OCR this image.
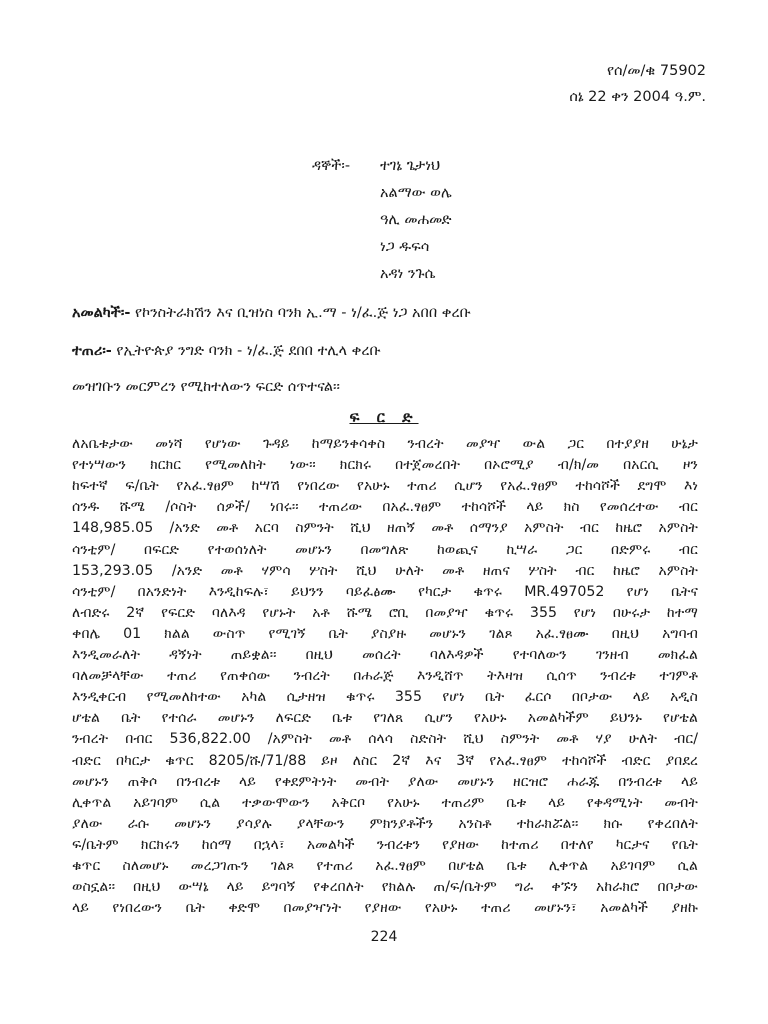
የሰ/መ/ቁ 75902
ሰኔ 22 ቀን 2004 ዓ.ም.
ዳኞች፡- ተገኔ ጌታነህ
አልማው ወሌ
ዓሊ መሐመድ
ነጋ ዱፍሳ
አዳነ ንጉሴ
አመልካች፡- የኮንስትራክሽን እና ቢዝነስ ባንክ ኢ.ማ - ነ/ፈ.ጅ ነጋ አበበ ቀረቡ
ተጠሪ፡- የኢትዮጵያ ንግድ ባንክ - ነ/ፈ.ጅ ደበበ ተሊላ ቀረቡ
መዝገቡን መርምረን የሚከተለውን ፍርድ ሰጥተናል፡፡
ፍ ር ድ
ለአቤቱታው መነሻ የሆነው ጉዳይ ከማይንቀሳቀስ ንብረት መያዣ ውል ጋር በተያያዘ ሁኔታ
የተነሣውን ክርክር የሚመለከት ነው፡፡ ክርክሩ በተጀመረበት በኦሮሚያ ብ/ክ/መ በአርሲ ዞን
ከፍተኛ ፍ/ቤት የአፈ.ፃፀም ከሣሽ የነበረው የአሁኑ ተጠሪ ሲሆን የአፈ.ፃፀም ተከሳሾች ደግሞ እነ
ሰንዱ ሹሜ /ሶስት ሰዎች/ ነበሩ፡፡ ተጠሪው በአፈ.ፃፀም ተከሳሾች ላይ ክስ የመሰረተው ብር
148,985.05 /አንድ መቶ አርባ ስምንት ሺህ ዘጠኝ መቶ ሰማንያ አምስት ብር ከዜሮ አምስት
ሳንቲም/ በፍርድ የተወሰነለት መሆኑን በመግለጽ ከወጪና ኪሣራ ጋር በድምሩ ብር
153,293.05 /አንድ መቶ ሃምሳ ሦስት ሺህ ሁለት መቶ ዘጠና ሦስት ብር ከዜሮ አምስት
ሳንቲም/ በአንድነት እንዲከፍሉ፣ ይህንን ባይፈፅሙ የካርታ ቁጥሩ MR.497052 የሆነ ቤትና
ለብድሩ 2ኛ የፍርድ ባለእዳ የሆኑት አቶ ሹሜ ሮቢ በመያዣ ቁጥሩ 355 የሆነ በሁሩታ ከተማ
ቀበሌ 01 ክልል ውስጥ የሚገኝ ቤት ያስያዙ መሆኑን ገልጾ አፈ.ፃፀሙ በዚህ አግባብ
እንዲመራለት ዳኝነት ጠይቋል፡፡ በዚህ መሰረት ባለእዳዎች የተባለውን ገንዘብ መክፈል
ባለመቻላቸው ተጠሪ የጠቀሰው ንብረት በሐራጅ እንዲሸጥ ትእዛዝ ሲሰጥ ንብረቱ ተገምቶ
እንዲቀርብ የሚመለከተው አካል ሲታዘዝ ቁጥሩ 355 የሆነ ቤት ፈርሶ በቦታው ላይ አዲስ
ሆቴል ቤት የተሰራ መሆኑን ለፍርድ ቤቱ የገለጸ ሲሆን የአሁኑ አመልካችም ይህንኑ የሆቴል
ንብረት በብር 536,822.00 /አምስት መቶ ሰላሳ ስድስት ሺህ ስምንት መቶ ሃያ ሁለት ብር/
ብድር በካርታ ቁጥር 8205/ሹ/71/88 ይዞ ለስር 2ኛ እና 3ኛ የአፈ.ፃፀም ተከሳሾች ብድር ያበደረ
መሆኑን ጠቅሶ በንብረቱ ላይ የቀደምትነት መብት ያለው መሆኑን ዘርዝሮ ሐራጁ በንብረቱ ላይ
ሊቀጥል አይገባም ሲል ተቃውሞውን አቅርቦ የአሁኑ ተጠሪም ቤቱ ላይ የቀዳሚነት መብት
ያለው ራሱ መሆኑን ያሳያሉ ያላቸውን ምክንያቶችን አንስቶ ተከራክሯል፡፡ ክሱ የቀረበለት
ፍ/ቤትም ክርክሩን ከሰማ በኋላ፣ አመልካች ንብረቱን የያዘው ከተጠሪ በተለየ ካርታና የቤት
ቁጥር ስለመሆኑ መረጋገጡን ገልጾ የተጠሪ አፈ.ፃፀም በሆቴል ቤቱ ሊቀጥል አይገባም ሲል
ወስኗል፡፡ በዚህ ውሣኔ ላይ ይግባኝ የቀረበለት የክልሉ ጠ/ፍ/ቤትም ግራ ቀኙን አከራክሮ በቦታው
ላይ የነበረውን ቤት ቀድሞ በመያዣነት የያዘው የአሁኑ ተጠሪ መሆኑን፣ አመልካች ያዘኩ
224
